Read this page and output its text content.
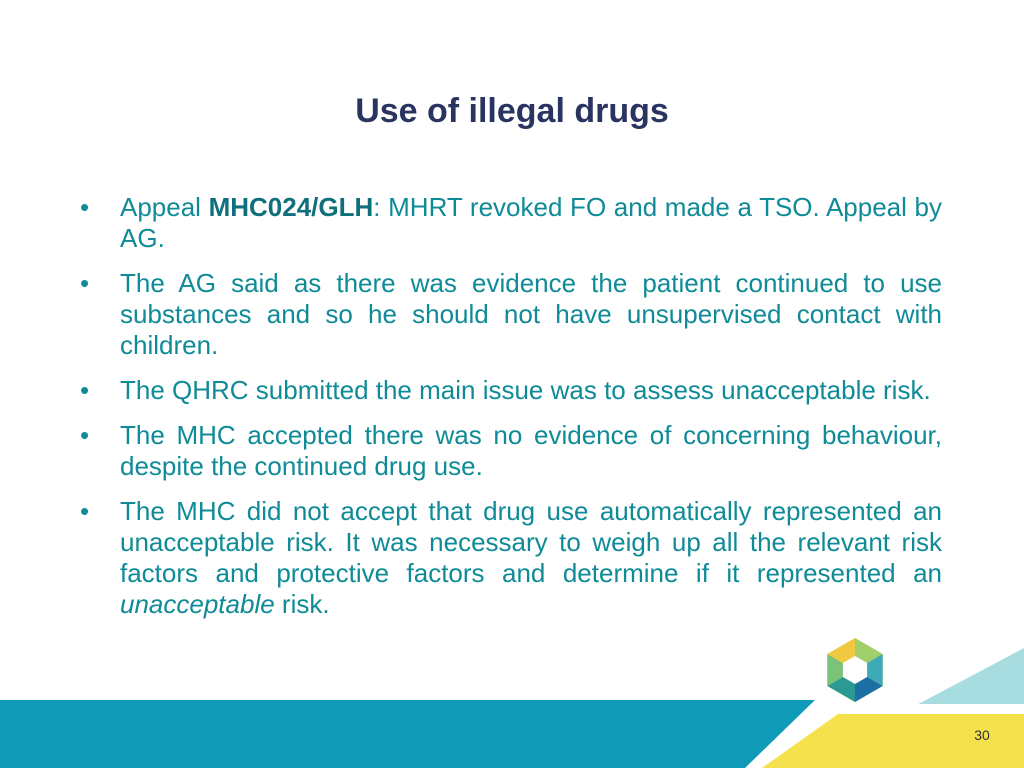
Use of illegal drugs
•	Appeal MHC024/GLH: MHRT revoked FO and made a TSO. Appeal by AG.
•	The AG said as there was evidence the patient continued to use substances and so he should not have unsupervised contact with children.
•	The QHRC submitted the main issue was to assess unacceptable risk.
•	The MHC accepted there was no evidence of concerning behaviour, despite the continued drug use.
•	The MHC did not accept that drug use automatically represented an unacceptable risk. It was necessary to weigh up all the relevant risk factors and protective factors and determine if it represented an unacceptable risk.
30
